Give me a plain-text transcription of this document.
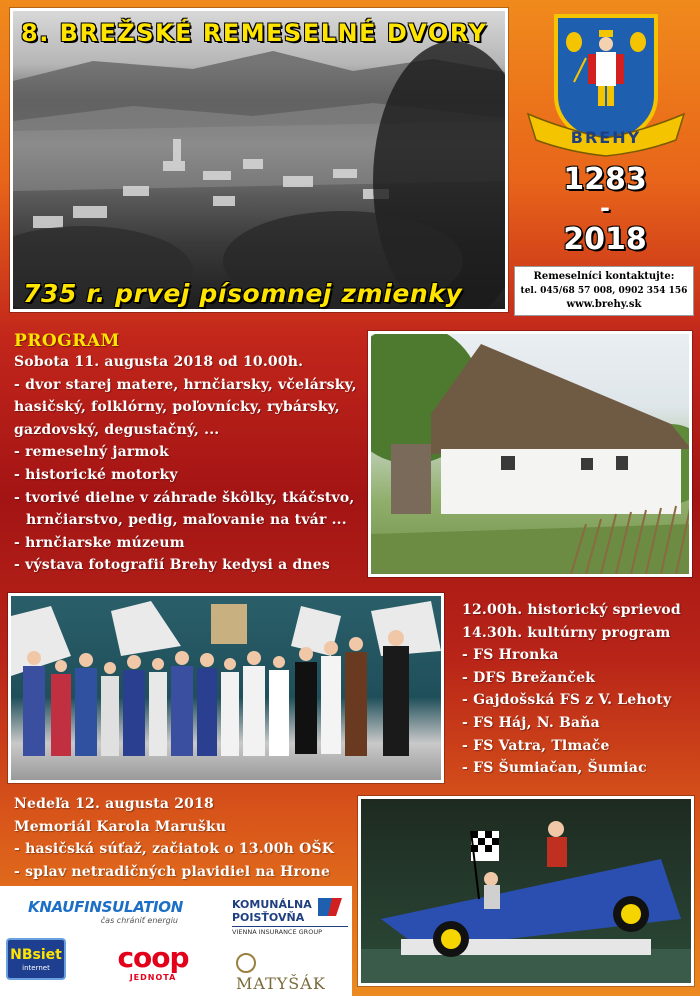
8. BREŽSKÉ REMESELNÉ DVORY
735 r. prvej písomnej zmienky
BREHY
1283
-
2018
Remeselníci kontaktujte:
tel. 045/68 57 008, 0902 354 156
www.brehy.sk
PROGRAM
Sobota 11. augusta 2018 od 10.00h.
- dvor starej matere, hrnčiarsky, včelársky,
hasičský, folklórny, poľovnícky, rybársky,
gazdovský, degustačný, ...
- remeselný jarmok
- historické motorky
- tvorivé dielne v záhrade škôlky, tkáčstvo,
hrnčiarstvo, pedig, maľovanie na tvár ...
- hrnčiarske múzeum
- výstava fotografií Brehy kedysi a dnes
12.00h. historický sprievod
14.30h. kultúrny program
- FS Hronka
- DFS Brežanček
- Gajdošská FS z V. Lehoty
- FS Háj, N. Baňa
- FS Vatra, Tlmače
- FS Šumiačan, Šumiac
Nedeľa 12. augusta 2018
Memoriál Karola Marušku
- hasičská súťaž, začiatok o 13.00h OŠK
- splav netradičných plavidiel na Hrone
KNAUFINSULATION
čas chrániť energiu
NBsiet
internet	coop
JEDNOTA
KOMUNÁLNA
POISŤOVŇA
VIENNA INSURANCE GROUP
MATYŠÁK
